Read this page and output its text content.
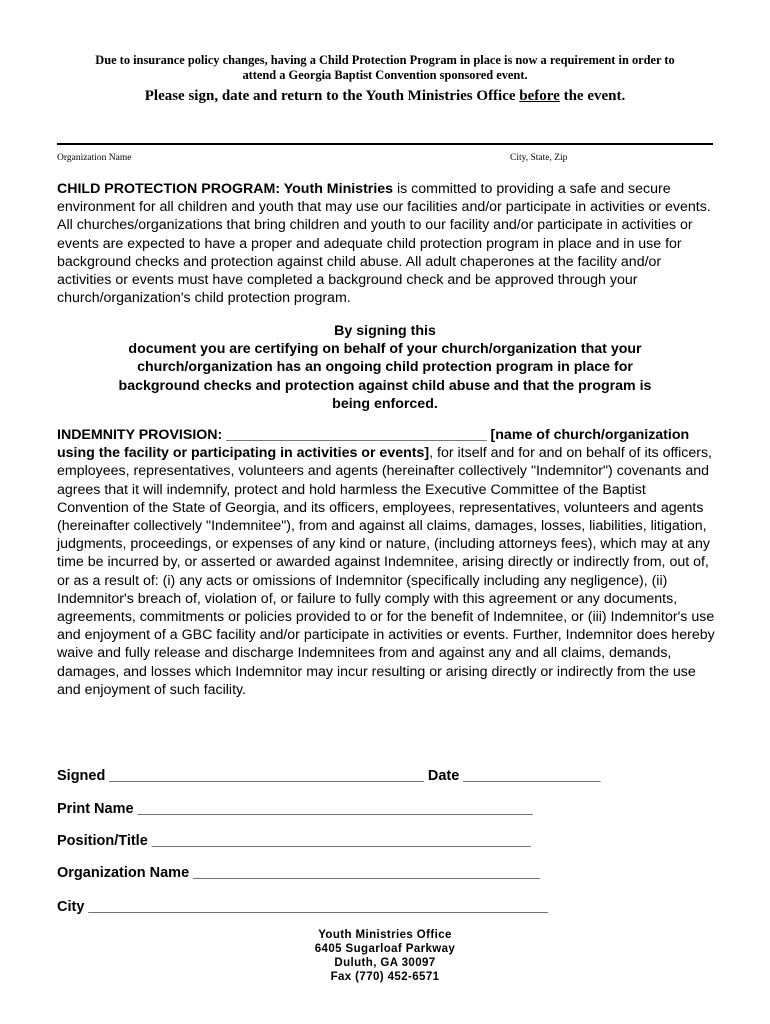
Due to insurance policy changes, having a Child Protection Program in place is now a requirement in order to
attend a Georgia Baptist Convention sponsored event.
Please sign, date and return to the Youth Ministries Office before the event.
Organization Name	City, State, Zip
CHILD PROTECTION PROGRAM: Youth Ministries is committed to providing a safe and secure environment for all children and youth that may use our facilities and/or participate in activities or events. All churches/organizations that bring children and youth to our facility and/or participate in activities or events are expected to have a proper and adequate child protection program in place and in use for background checks and protection against child abuse. All adult chaperones at the facility and/or activities or events must have completed a background check and be approved through your church/organization's child protection program.
By signing this
document you are certifying on behalf of your church/organization that your
church/organization has an ongoing child protection program in place for
background checks and protection against child abuse and that the program is
being enforced.
INDEMNITY PROVISION: _________________________________ [name of church/organization using the facility or participating in activities or events], for itself and for and on behalf of its officers, employees, representatives, volunteers and agents (hereinafter collectively "Indemnitor") covenants and agrees that it will indemnify, protect and hold harmless the Executive Committee of the Baptist Convention of the State of Georgia, and its officers, employees, representatives, volunteers and agents (hereinafter collectively "Indemnitee"), from and against all claims, damages, losses, liabilities, litigation, judgments, proceedings, or expenses of any kind or nature, (including attorneys fees), which may at any time be incurred by, or asserted or awarded against Indemnitee, arising directly or indirectly from, out of, or as a result of: (i) any acts or omissions of Indemnitor (specifically including any negligence), (ii) Indemnitor's breach of, violation of, or failure to fully comply with this agreement or any documents, agreements, commitments or policies provided to or for the benefit of Indemnitee, or (iii) Indemnitor's use and enjoyment of a GBC facility and/or participate in activities or events. Further, Indemnitor does hereby waive and fully release and discharge Indemnitees from and against any and all claims, demands, damages, and losses which Indemnitor may incur resulting or arising directly or indirectly from the use and enjoyment of such facility.
Signed _______________________________________ Date _________________
Print Name _________________________________________________
Position/Title _______________________________________________
Organization Name ___________________________________________
City _________________________________________________________
Youth Ministries Office
6405 Sugarloaf Parkway
Duluth, GA 30097
Fax (770) 452-6571
